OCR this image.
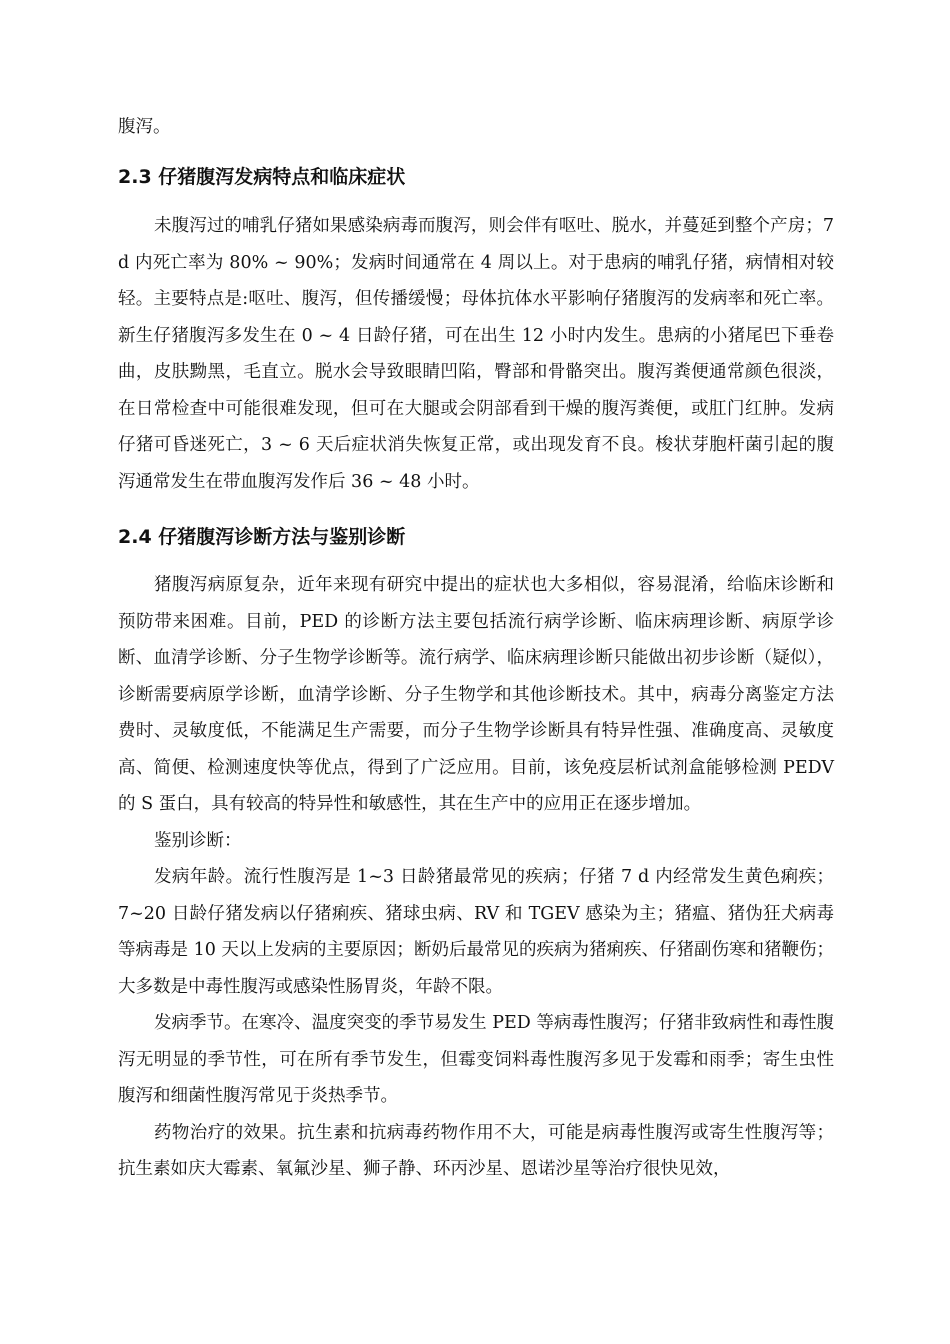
腹泻。

2.3 仔猪腹泻发病特点和临床症状

未腹泻过的哺乳仔猪如果感染病毒而腹泻，则会伴有呕吐、脱水，并蔓延到整个产房；7 d 内死亡率为 80% ~ 90%；发病时间通常在 4 周以上。对于患病的哺乳仔猪，病情相对较轻。主要特点是:呕吐、腹泻，但传播缓慢；母体抗体水平影响仔猪腹泻的发病率和死亡率。新生仔猪腹泻多发生在 0 ~ 4 日龄仔猪，可在出生 12 小时内发生。患病的小猪尾巴下垂卷曲，皮肤黝黑，毛直立。脱水会导致眼睛凹陷，臀部和骨骼突出。腹泻粪便通常颜色很淡，在日常检查中可能很难发现，但可在大腿或会阴部看到干燥的腹泻粪便，或肛门红肿。发病仔猪可昏迷死亡，3 ~ 6 天后症状消失恢复正常，或出现发育不良。梭状芽胞杆菌引起的腹泻通常发生在带血腹泻发作后 36 ~ 48 小时。

2.4 仔猪腹泻诊断方法与鉴别诊断

猪腹泻病原复杂，近年来现有研究中提出的症状也大多相似，容易混淆，给临床诊断和预防带来困难。目前，PED 的诊断方法主要包括流行病学诊断、临床病理诊断、病原学诊断、血清学诊断、分子生物学诊断等。流行病学、临床病理诊断只能做出初步诊断（疑似），诊断需要病原学诊断，血清学诊断、分子生物学和其他诊断技术。其中，病毒分离鉴定方法费时、灵敏度低，不能满足生产需要，而分子生物学诊断具有特异性强、准确度高、灵敏度高、简便、检测速度快等优点，得到了广泛应用。目前，该免疫层析试剂盒能够检测 PEDV 的 S 蛋白，具有较高的特异性和敏感性，其在生产中的应用正在逐步增加。

鉴别诊断：

发病年龄。流行性腹泻是 1~3 日龄猪最常见的疾病；仔猪 7 d 内经常发生黄色痢疾；7~20 日龄仔猪发病以仔猪痢疾、猪球虫病、RV 和 TGEV 感染为主；猪瘟、猪伪狂犬病毒等病毒是 10 天以上发病的主要原因；断奶后最常见的疾病为猪痢疾、仔猪副伤寒和猪鞭伤；大多数是中毒性腹泻或感染性肠胃炎，年龄不限。

发病季节。在寒冷、温度突变的季节易发生 PED 等病毒性腹泻；仔猪非致病性和毒性腹泻无明显的季节性，可在所有季节发生，但霉变饲料毒性腹泻多见于发霉和雨季；寄生虫性腹泻和细菌性腹泻常见于炎热季节。

药物治疗的效果。抗生素和抗病毒药物作用不大，可能是病毒性腹泻或寄生性腹泻等；抗生素如庆大霉素、氧氟沙星、狮子静、环丙沙星、恩诺沙星等治疗很快见效，
